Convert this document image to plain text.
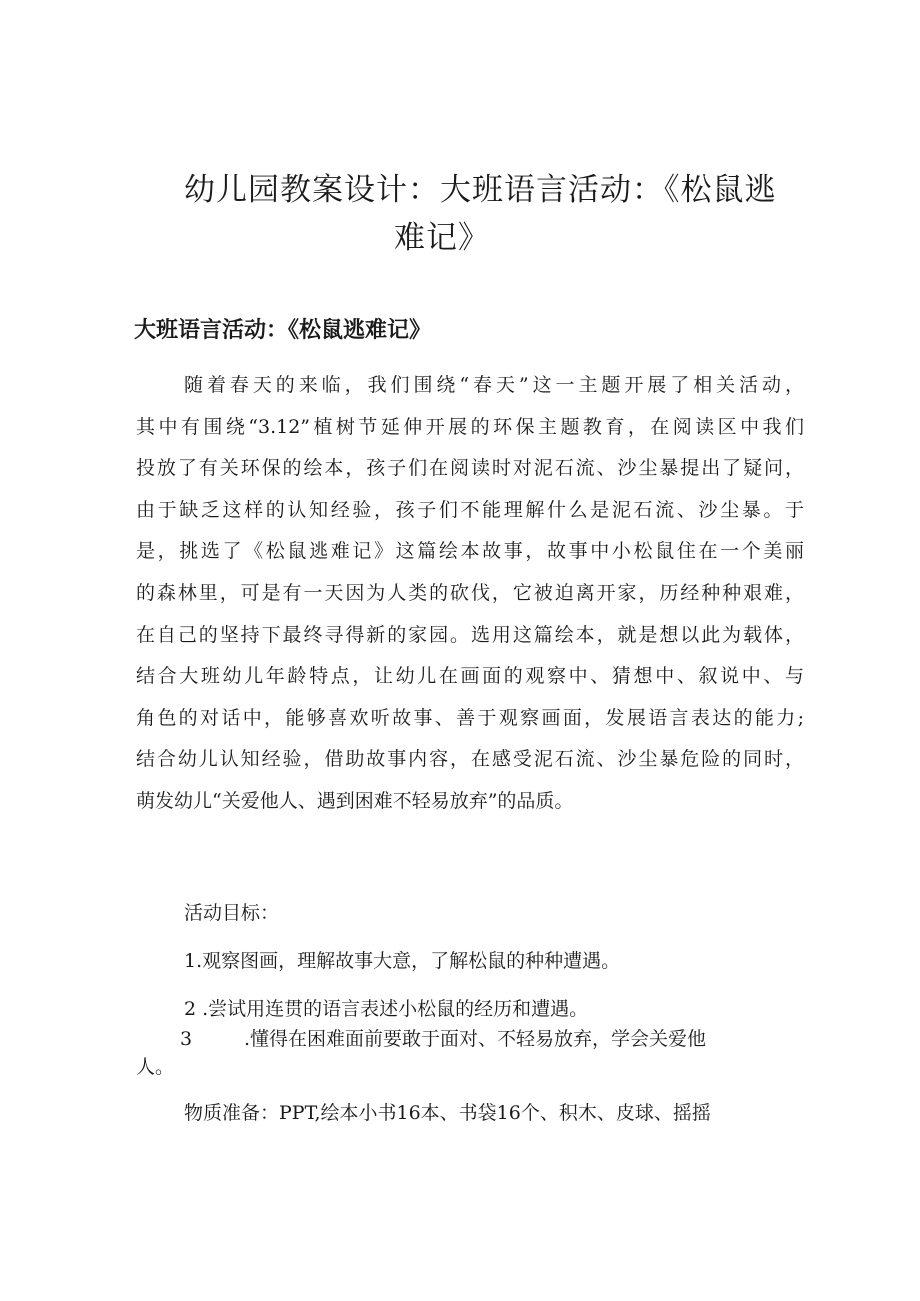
幼儿园教案设计：大班语言活动：《松鼠逃
难记》
大班语言活动：《松鼠逃难记》

随着春天的来临，我们围绕“春天”这一主题开展了相关活动，
其中有围绕“3.12”植树节延伸开展的环保主题教育，在阅读区中我们
投放了有关环保的绘本，孩子们在阅读时对泥石流、沙尘暴提出了疑问，
由于缺乏这样的认知经验，孩子们不能理解什么是泥石流、沙尘暴。于
是，挑选了《松鼠逃难记》这篇绘本故事，故事中小松鼠住在一个美丽
的森林里，可是有一天因为人类的砍伐，它被迫离开家，历经种种艰难，
在自己的坚持下最终寻得新的家园。选用这篇绘本，就是想以此为载体，
结合大班幼儿年龄特点，让幼儿在画面的观察中、猜想中、叙说中、与
角色的对话中，能够喜欢听故事、善于观察画面，发展语言表达的能力;
结合幼儿认知经验，借助故事内容，在感受泥石流、沙尘暴危险的同时，
萌发幼儿“关爱他人、遇到困难不轻易放弃”的品质。

活动目标：

1.观察图画，理解故事大意，了解松鼠的种种遭遇。

2 .尝试用连贯的语言表述小松鼠的经历和遭遇。

3	.懂得在困难面前要敢于面对、不轻易放弃，学会关爱他
人。

物质准备：PPT,绘本小书16本、书袋16个、积木、皮球、摇摇
